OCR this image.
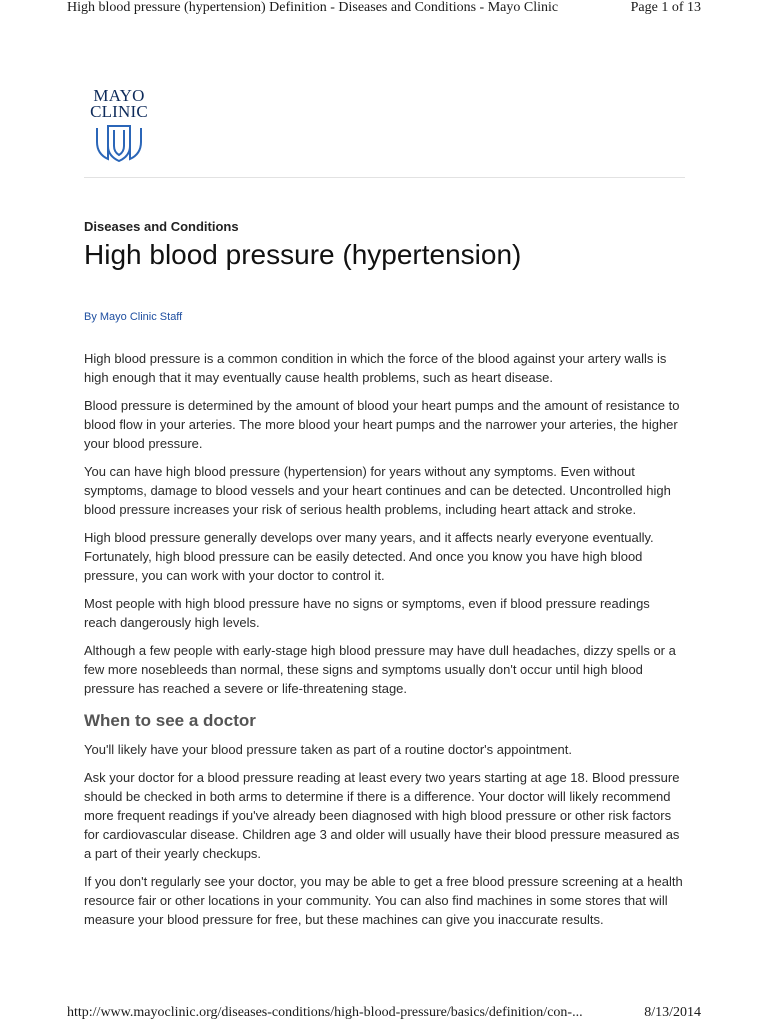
High blood pressure (hypertension) Definition - Diseases and Conditions - Mayo Clinic	Page 1 of 13
MAYO
CLINIC

Diseases and Conditions

High blood pressure (hypertension)

By Mayo Clinic Staff

High blood pressure is a common condition in which the force of the blood against your artery walls is high enough that it may eventually cause health problems, such as heart disease.

Blood pressure is determined by the amount of blood your heart pumps and the amount of resistance to blood flow in your arteries. The more blood your heart pumps and the narrower your arteries, the higher your blood pressure.

You can have high blood pressure (hypertension) for years without any symptoms. Even without symptoms, damage to blood vessels and your heart continues and can be detected. Uncontrolled high blood pressure increases your risk of serious health problems, including heart attack and stroke.

High blood pressure generally develops over many years, and it affects nearly everyone eventually. Fortunately, high blood pressure can be easily detected. And once you know you have high blood pressure, you can work with your doctor to control it.

Most people with high blood pressure have no signs or symptoms, even if blood pressure readings reach dangerously high levels.

Although a few people with early-stage high blood pressure may have dull headaches, dizzy spells or a few more nosebleeds than normal, these signs and symptoms usually don't occur until high blood pressure has reached a severe or life-threatening stage.

When to see a doctor

You'll likely have your blood pressure taken as part of a routine doctor's appointment.

Ask your doctor for a blood pressure reading at least every two years starting at age 18. Blood pressure should be checked in both arms to determine if there is a difference. Your doctor will likely recommend more frequent readings if you've already been diagnosed with high blood pressure or other risk factors for cardiovascular disease. Children age 3 and older will usually have their blood pressure measured as a part of their yearly checkups.

If you don't regularly see your doctor, you may be able to get a free blood pressure screening at a health resource fair or other locations in your community. You can also find machines in some stores that will measure your blood pressure for free, but these machines can give you inaccurate results.

http://www.mayoclinic.org/diseases-conditions/high-blood-pressure/basics/definition/con-...	8/13/2014
